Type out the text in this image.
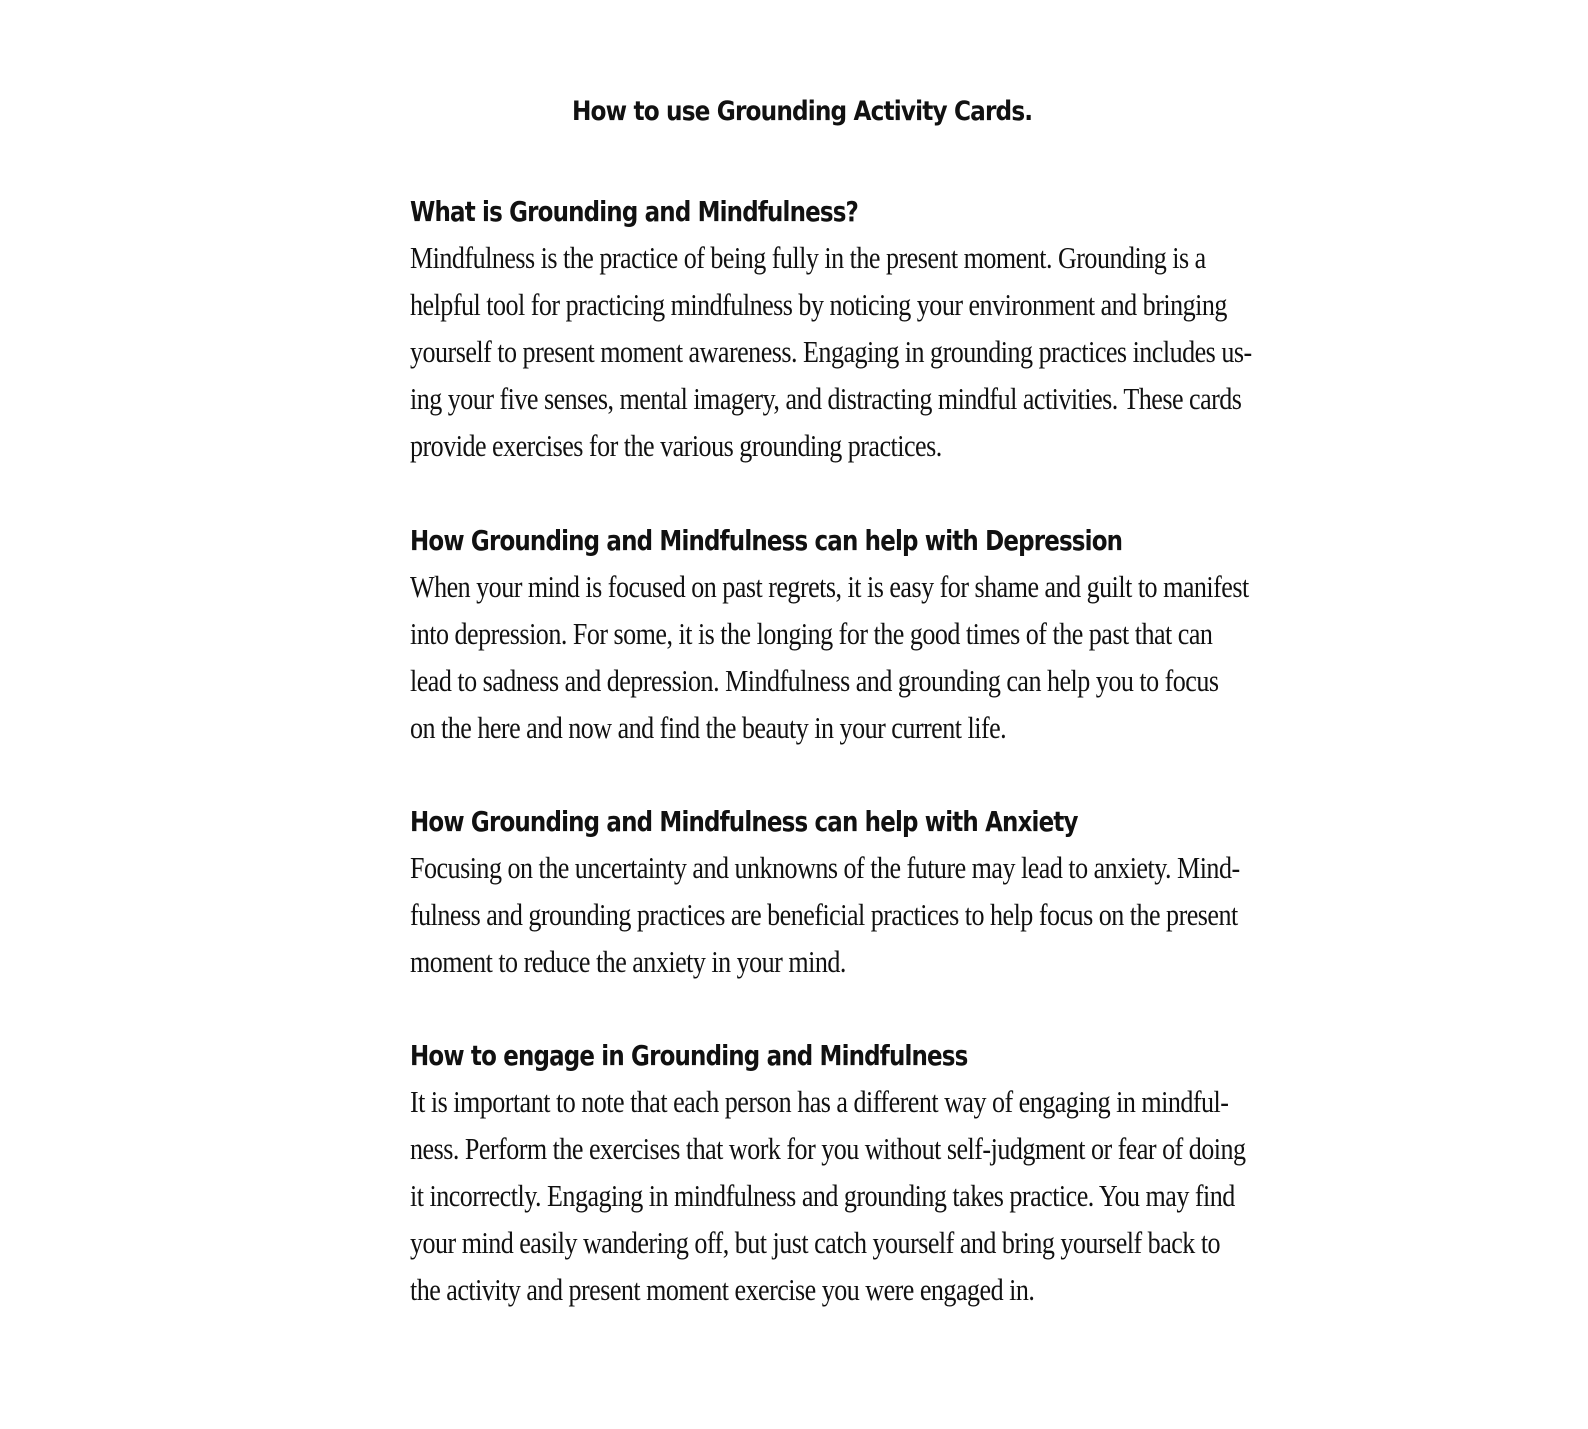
How to use Grounding Activity Cards.
What is Grounding and Mindfulness?

Mindfulness is the practice of being fully in the present moment. Grounding is a
helpful tool for practicing mindfulness by noticing your environment and bringing
yourself to present moment awareness. Engaging in grounding practices includes us-
ing your five senses, mental imagery, and distracting mindful activities. These cards
provide exercises for the various grounding practices.

How Grounding and Mindfulness can help with Depression

When your mind is focused on past regrets, it is easy for shame and guilt to manifest
into depression. For some, it is the longing for the good times of the past that can
lead to sadness and depression. Mindfulness and grounding can help you to focus
on the here and now and find the beauty in your current life.

How Grounding and Mindfulness can help with Anxiety

Focusing on the uncertainty and unknowns of the future may lead to anxiety. Mind-
fulness and grounding practices are beneficial practices to help focus on the present
moment to reduce the anxiety in your mind.

How to engage in Grounding and Mindfulness

It is important to note that each person has a different way of engaging in mindful-
ness. Perform the exercises that work for you without self-judgment or fear of doing
it incorrectly. Engaging in mindfulness and grounding takes practice. You may find
your mind easily wandering off, but just catch yourself and bring yourself back to
the activity and present moment exercise you were engaged in.
